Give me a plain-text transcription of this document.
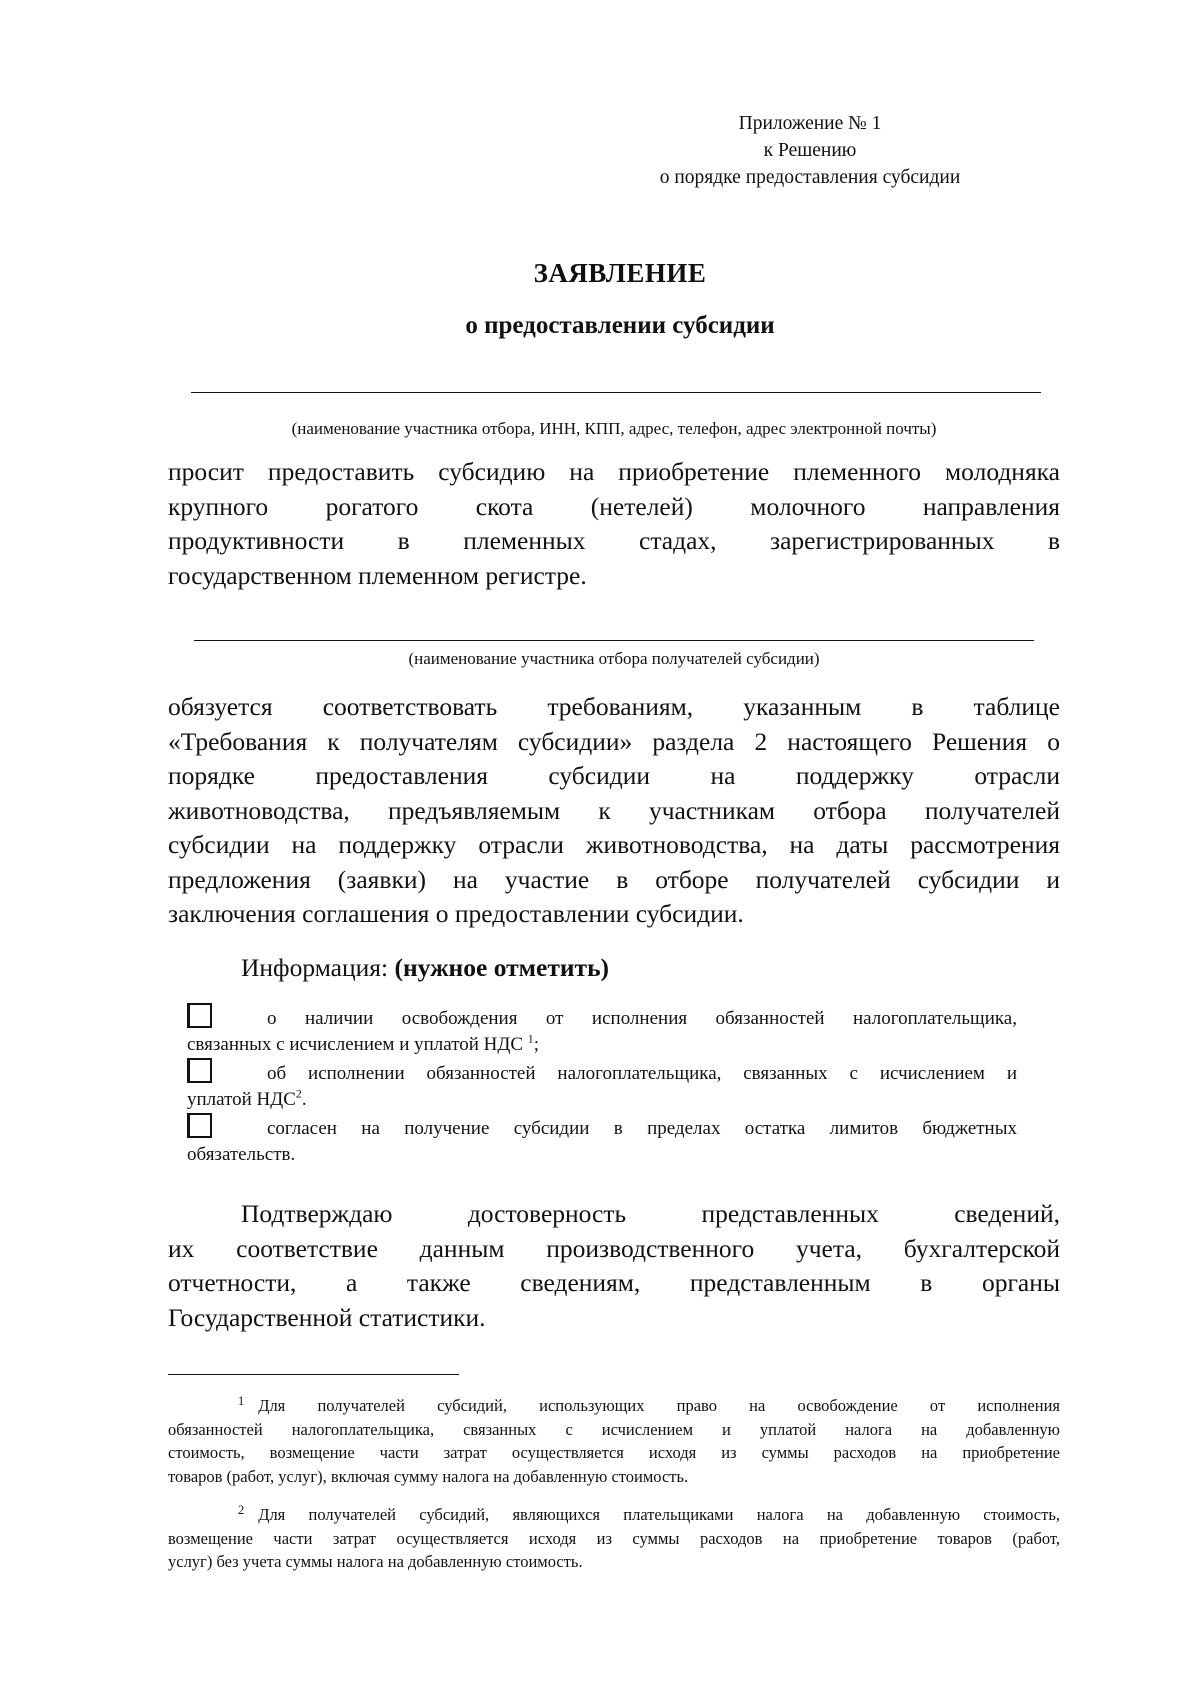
Приложение № 1
к Решению
о порядке предоставления субсидии
ЗАЯВЛЕНИЕ
о предоставлении субсидии
(наименование участника отбора, ИНН, КПП, адрес, телефон, адрес электронной почты)
просит предоставить субсидию на приобретение племенного молодняка
крупного рогатого скота (нетелей) молочного направления
продуктивности в племенных стадах, зарегистрированных в
государственном племенном регистре.
(наименование участника отбора получателей субсидии)
обязуется соответствовать требованиям, указанным в таблице
«Требования к получателям субсидии» раздела 2 настоящего Решения о
порядке предоставления субсидии на поддержку отрасли
животноводства, предъявляемым к участникам отбора получателей
субсидии на поддержку отрасли животноводства, на даты рассмотрения
предложения (заявки) на участие в отборе получателей субсидии и
заключения соглашения о предоставлении субсидии.
Информация: (нужное отметить)
о наличии освобождения от исполнения обязанностей налогоплательщика,
связанных с исчислением и уплатой НДС $^1$;
об исполнении обязанностей налогоплательщика, связанных с исчислением и
уплатой НДС$^2$.
согласен на получение субсидии в пределах остатка лимитов бюджетных
обязательств.
Подтверждаю достоверность представленных сведений,
их соответствие данным производственного учета, бухгалтерской
отчетности, а также сведениям, представленным в органы
Государственной статистики.
$^1$ Для получателей субсидий, использующих право на освобождение от исполнения
обязанностей налогоплательщика, связанных с исчислением и уплатой налога на добавленную
стоимость, возмещение части затрат осуществляется исходя из суммы расходов на приобретение
товаров (работ, услуг), включая сумму налога на добавленную стоимость.
$^2$ Для получателей субсидий, являющихся плательщиками налога на добавленную стоимость,
возмещение части затрат осуществляется исходя из суммы расходов на приобретение товаров (работ,
услуг) без учета суммы налога на добавленную стоимость.
